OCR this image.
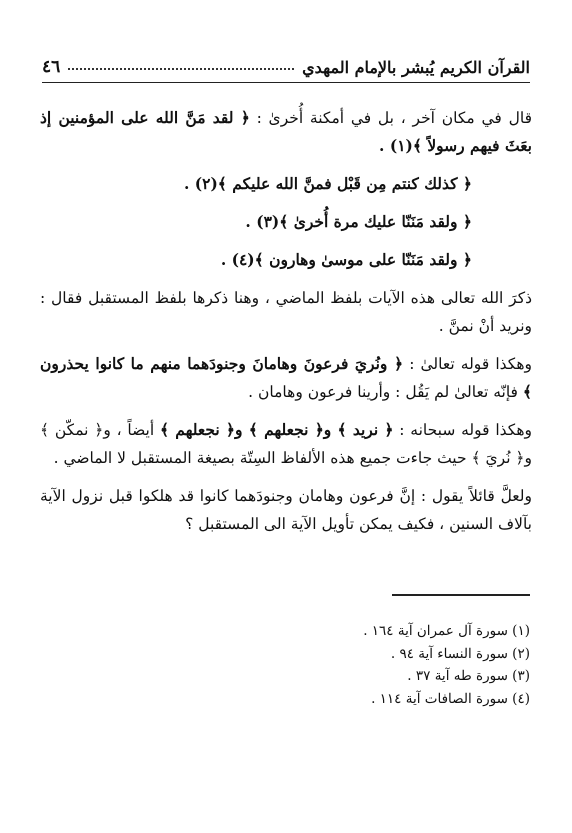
القرآن الكريم يُبشر بالإمام المهدي
٤٦

قال في مكان آخر ، بل في أمكنة أُخرىٰ : ﴿ لقد مَنَّ الله على المؤمنين إذ بعَثَ فيهم رسولاً ﴾(١) .

﴿ كذلك كنتم مِن قَبْل فمنَّ الله عليكم ﴾(٢) .

﴿ ولقد مَنَنّا عليك مرة أُخرىٰ ﴾(٣) .

﴿ ولقد مَنَنّا على موسىٰ وهارون ﴾(٤) .

ذكرَ الله تعالى هذه الآيات بلفظ الماضي ، وهنا ذكرها بلفظ المستقبل فقال : ونريد أنْ نمنَّ .

وهكذا قوله تعالىٰ : ﴿ ونُريَ فرعونَ وهامانَ وجنودَهما منهم ما كانوا يحذرون ﴾ فإنّه تعالىٰ لم يَقُل : وأرينا فرعون وهامان .

وهكذا قوله سبحانه : ﴿ نريد ﴾ و﴿ نجعلهم ﴾ و﴿ نجعلهم ﴾ أيضاً ، و﴿ نمكّن ﴾ و﴿ نُريَ ﴾ حيث جاءت جميع هذه الألفاظ السِتّة بصيغة المستقبل لا الماضي .

ولعلَّ قائلاً يقول : إنَّ فرعون وهامان وجنودَهما كانوا قد هلكوا قبل نزول الآية بآلاف السنين ، فكيف يمكن تأويل الآية الى المستقبل ؟

(١) سورة آل عمران آية ١٦٤ .
(٢) سورة النساء آية ٩٤ .
(٣) سورة طه آية ٣٧ .
(٤) سورة الصافات آية ١١٤ .
